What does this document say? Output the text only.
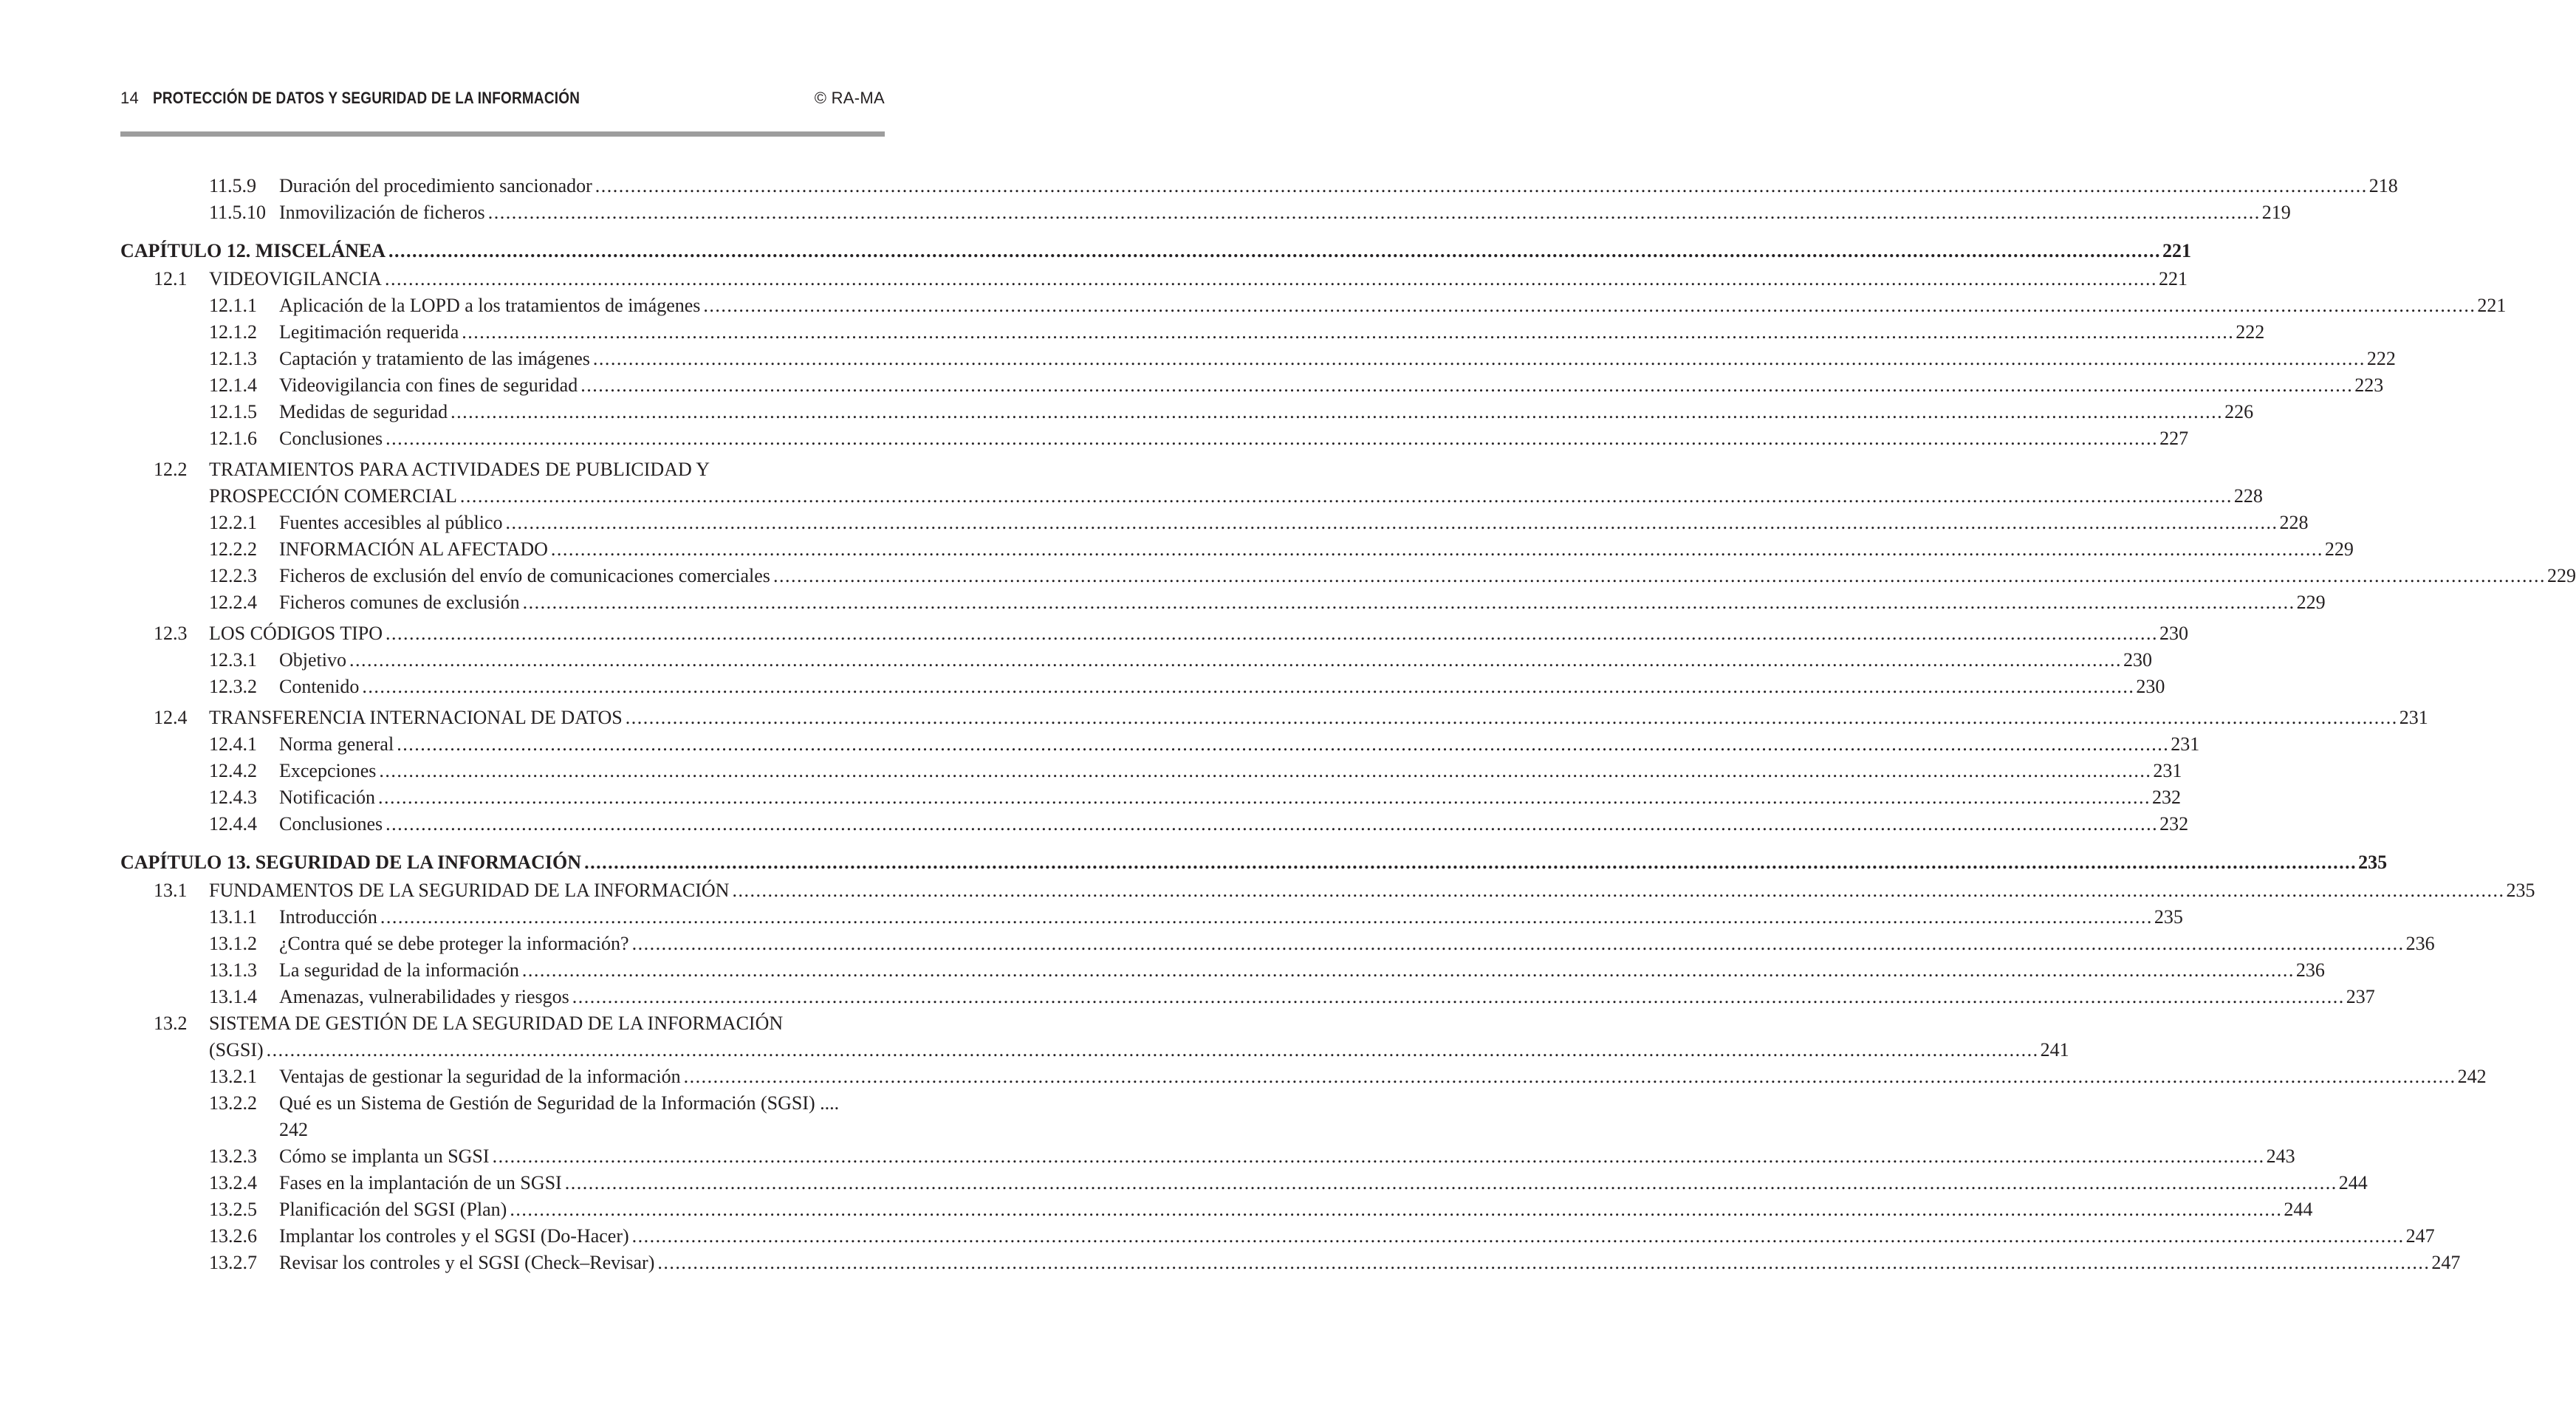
14 PROTECCIÓN DE DATOS Y SEGURIDAD DE LA INFORMACIÓN	© RA-MA
11.5.9 Duración del procedimiento sancionador ............................................................................................................................................................................................................................................................................................................ 218
11.5.10 Inmovilización de ficheros ............................................................................................................................................................................................................................................................................................................ 219
CAPÍTULO 12. MISCELÁNEA ............................................................................................................................................................................................................................................................................................................ 221
12.1 VIDEOVIGILANCIA ............................................................................................................................................................................................................................................................................................................ 221
12.1.1 Aplicación de la LOPD a los tratamientos de imágenes ............................................................................................................................................................................................................................................................................................................ 221
12.1.2 Legitimación requerida ............................................................................................................................................................................................................................................................................................................ 222
12.1.3 Captación y tratamiento de las imágenes ............................................................................................................................................................................................................................................................................................................ 222
12.1.4 Videovigilancia con fines de seguridad ............................................................................................................................................................................................................................................................................................................ 223
12.1.5 Medidas de seguridad ............................................................................................................................................................................................................................................................................................................ 226
12.1.6 Conclusiones ............................................................................................................................................................................................................................................................................................................ 227
12.2 TRATAMIENTOS PARA ACTIVIDADES DE PUBLICIDAD Y
PROSPECCIÓN COMERCIAL ............................................................................................................................................................................................................................................................................................................ 228
12.2.1 Fuentes accesibles al público ............................................................................................................................................................................................................................................................................................................ 228
12.2.2 INFORMACIÓN AL AFECTADO ............................................................................................................................................................................................................................................................................................................ 229
12.2.3 Ficheros de exclusión del envío de comunicaciones comerciales ............................................................................................................................................................................................................................................................................................................ 229
12.2.4 Ficheros comunes de exclusión ............................................................................................................................................................................................................................................................................................................ 229
12.3 LOS CÓDIGOS TIPO ............................................................................................................................................................................................................................................................................................................ 230
12.3.1 Objetivo ............................................................................................................................................................................................................................................................................................................ 230
12.3.2 Contenido ............................................................................................................................................................................................................................................................................................................ 230
12.4 TRANSFERENCIA INTERNACIONAL DE DATOS ............................................................................................................................................................................................................................................................................................................ 231
12.4.1 Norma general ............................................................................................................................................................................................................................................................................................................ 231
12.4.2 Excepciones ............................................................................................................................................................................................................................................................................................................ 231
12.4.3 Notificación ............................................................................................................................................................................................................................................................................................................ 232
12.4.4 Conclusiones ............................................................................................................................................................................................................................................................................................................ 232
CAPÍTULO 13. SEGURIDAD DE LA INFORMACIÓN ............................................................................................................................................................................................................................................................................................................ 235
13.1 FUNDAMENTOS DE LA SEGURIDAD DE LA INFORMACIÓN ............................................................................................................................................................................................................................................................................................................ 235
13.1.1 Introducción ............................................................................................................................................................................................................................................................................................................ 235
13.1.2 ¿Contra qué se debe proteger la información? ............................................................................................................................................................................................................................................................................................................ 236
13.1.3 La seguridad de la información ............................................................................................................................................................................................................................................................................................................ 236
13.1.4 Amenazas, vulnerabilidades y riesgos ............................................................................................................................................................................................................................................................................................................ 237
13.2 SISTEMA DE GESTIÓN DE LA SEGURIDAD DE LA INFORMACIÓN
(SGSI) ............................................................................................................................................................................................................................................................................................................ 241
13.2.1 Ventajas de gestionar la seguridad de la información ............................................................................................................................................................................................................................................................................................................ 242
13.2.2 Qué es un Sistema de Gestión de Seguridad de la Información (SGSI) ....
242
13.2.3 Cómo se implanta un SGSI ............................................................................................................................................................................................................................................................................................................ 243
13.2.4 Fases en la implantación de un SGSI ............................................................................................................................................................................................................................................................................................................ 244
13.2.5 Planificación del SGSI (Plan) ............................................................................................................................................................................................................................................................................................................ 244
13.2.6 Implantar los controles y el SGSI (Do-Hacer) ............................................................................................................................................................................................................................................................................................................ 247
13.2.7 Revisar los controles y el SGSI (Check–Revisar) ............................................................................................................................................................................................................................................................................................................ 247
